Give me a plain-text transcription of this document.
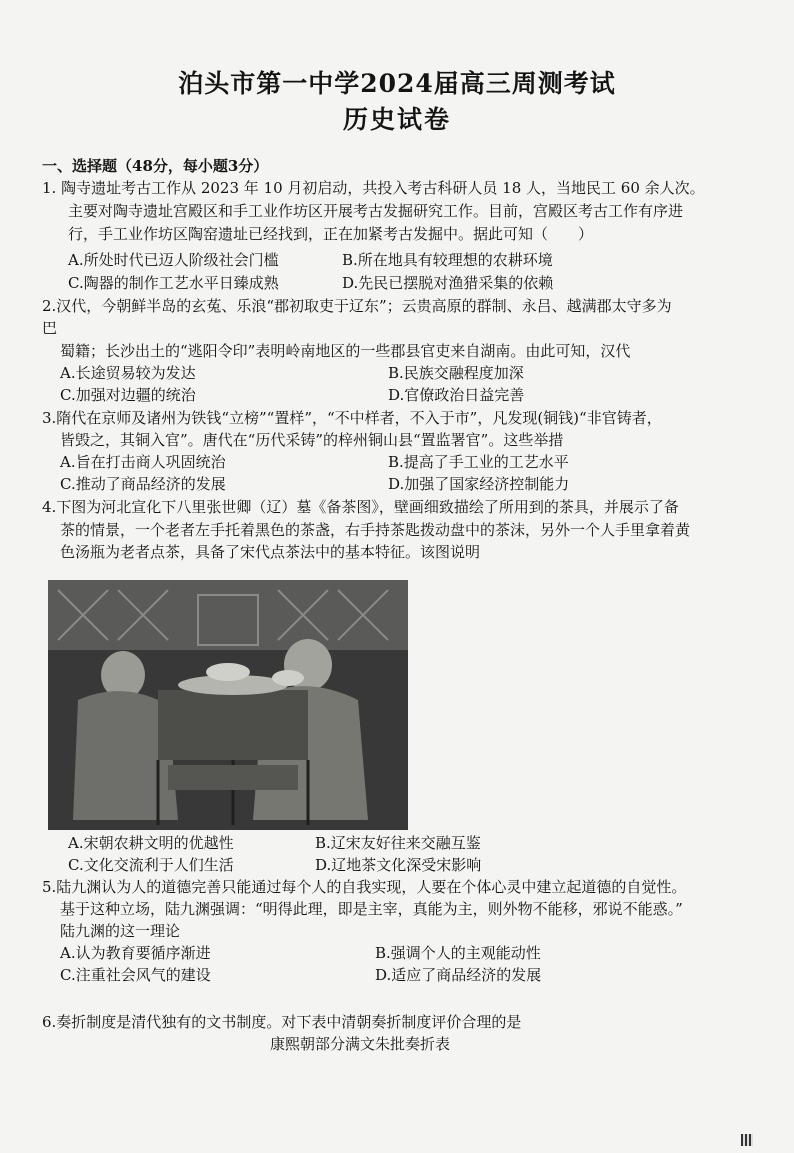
泊头市第一中学2024届高三周测考试
历史试卷
一、选择题（48分，每小题3分）
1. 陶寺遗址考古工作从 2023 年 10 月初启动，共投入考古科研人员 18 人，当地民工 60 余人次。
主要对陶寺遗址宫殿区和手工业作坊区开展考古发掘研究工作。目前，宫殿区考古工作有序进
行，手工业作坊区陶窑遗址已经找到，正在加紧考古发掘中。据此可知（　　）
A.所处时代已迈人阶级社会门槛	B.所在地具有较理想的农耕环境
C.陶器的制作工艺水平日臻成熟	D.先民已摆脱对渔猎采集的依赖
2.汉代，今朝鲜半岛的玄菟、乐浪“郡初取吏于辽东”；云贵高原的群制、永吕、越满郡太守多为
巴
蜀籍；长沙出土的“逃阳令印”表明岭南地区的一些郡县官吏来自湖南。由此可知，汉代
A.长途贸易较为发达	B.民族交融程度加深
C.加强对边疆的统治	D.官僚政治日益完善
3.隋代在京师及诸州为铁钱“立榜”“置样”，“不中样者，不入于市”，凡发现(铜钱)“非官铸者，
皆毁之，其铜入官”。唐代在“历代采铸”的梓州铜山县“置监署官”。这些举措
A.旨在打击商人巩固统治	B.提高了手工业的工艺水平
C.推动了商品经济的发展	D.加强了国家经济控制能力
4.下图为河北宣化下八里张世卿（辽）墓《备茶图》，壁画细致描绘了所用到的茶具，并展示了备
茶的情景，一个老者左手托着黑色的茶盏，右手持茶匙拨动盘中的茶沫，另外一个人手里拿着黄
色汤瓶为老者点茶，具备了宋代点茶法中的基本特征。该图说明
A.宋朝农耕文明的优越性	B.辽宋友好往来交融互鉴
C.文化交流利于人们生活	D.辽地茶文化深受宋影响
5.陆九渊认为人的道德完善只能通过每个人的自我实现，人要在个体心灵中建立起道德的自觉性。
基于这种立场，陆九渊强调：“明得此理，即是主宰，真能为主，则外物不能移，邪说不能惑。”
陆九渊的这一理论
A.认为教育要循序渐进	B.强调个人的主观能动性
C.注重社会风气的建设	D.适应了商品经济的发展
6.奏折制度是清代独有的文书制度。对下表中清朝奏折制度评价合理的是
康熙朝部分满文朱批奏折表
